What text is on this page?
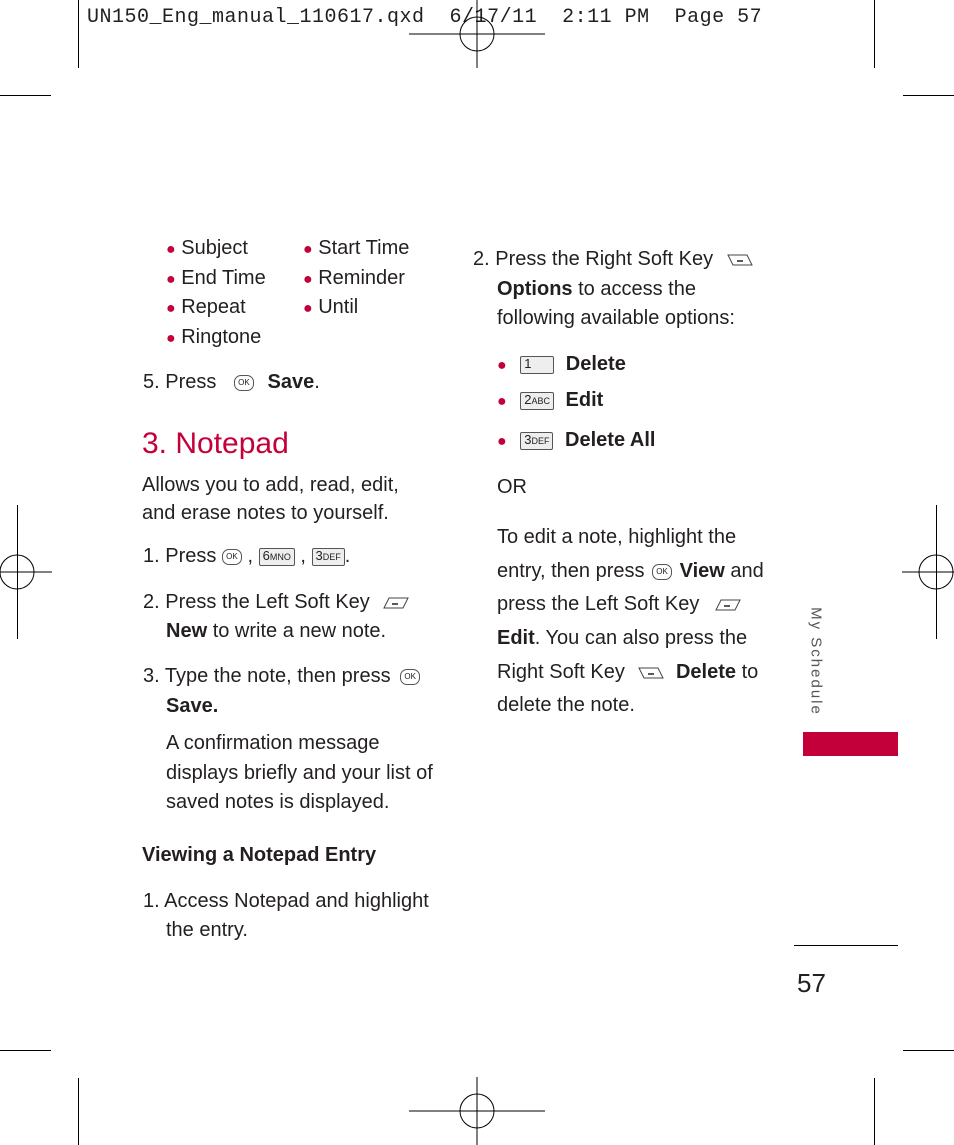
UN150_Eng_manual_110617.qxd  6/17/11  2:11 PM  Page 57
● Subject	● Start Time
● End Time ● Reminder
● Repeat	● Until
● Ringtone
5. Press	OK Save.
3. Notepad
Allows you to add, read, edit,
and erase notes to yourself.
1. Press OK , 6MNO , 3DEF .
2. Press the Left Soft Key
New to write a new note.
3. Type the note, then press OK
Save.
A confirmation message
displays briefly and your list of
saved notes is displayed.
Viewing a Notepad Entry
1. Access Notepad and highlight
the entry.
2. Press the Right Soft Key
Options to access the
following available options:
● 1 Delete
● 2ABC Edit
● 3DEF Delete All
OR
To edit a note, highlight the
entry, then press OK View and
press the Left Soft Key
Edit. You can also press the
Right Soft Key	Delete to
delete the note.	My Schedule
57
